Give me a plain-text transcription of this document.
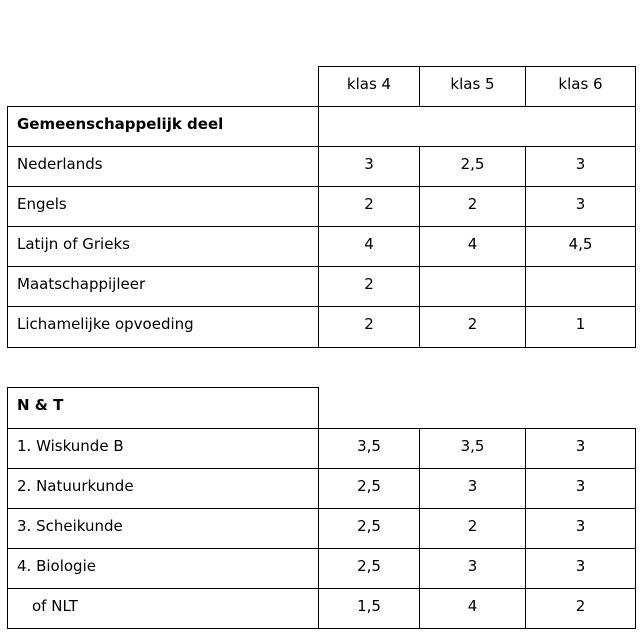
	klas 4	klas 5	klas 6
Gemeenschappelijk deel			
Nederlands	3	2,5	3
Engels	2	2	3
Latijn of Grieks	4	4	4,5
Maatschappijleer	2		
Lichamelijke opvoeding	2	2	1
N & T			
1. Wiskunde B	3,5	3,5	3
2. Natuurkunde	2,5	3	3
3. Scheikunde	2,5	2	3
4. Biologie	2,5	3	3
of NLT	1,5	4	2
